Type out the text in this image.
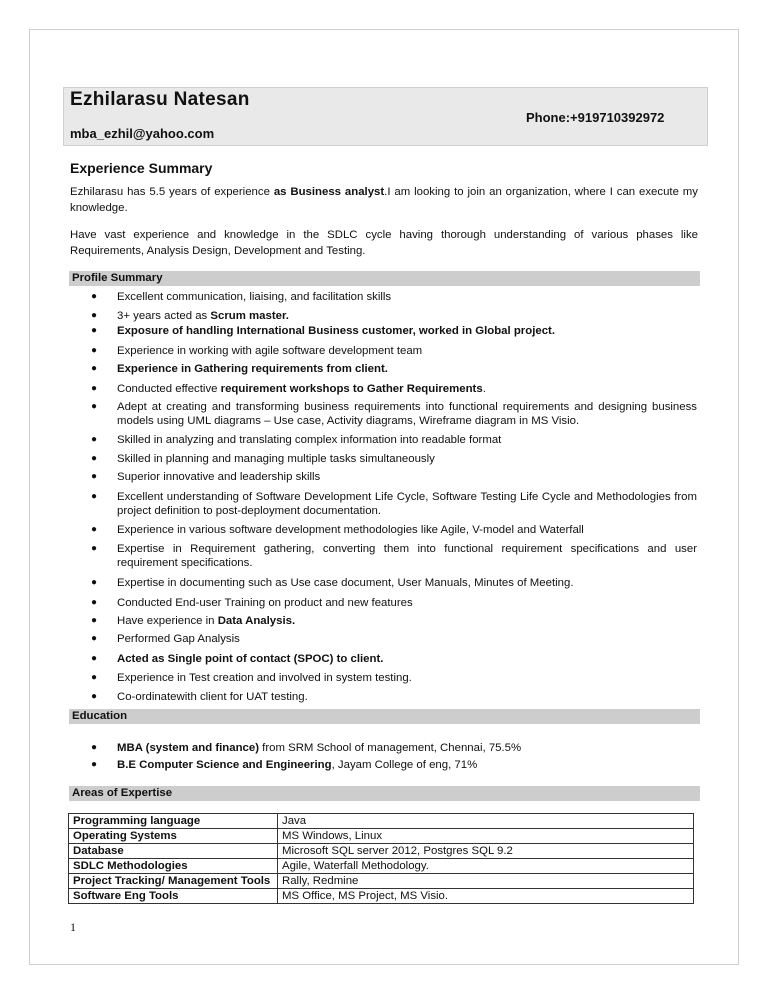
Ezhilarasu Natesan
Phone:+919710392972
mba_ezhil@yahoo.com
Experience Summary

Ezhilarasu has 5.5 years of experience as Business analyst.I am looking to join an organization, where I can execute my knowledge.

Have vast experience and knowledge in the SDLC cycle having thorough understanding of various phases like Requirements, Analysis Design, Development and Testing.

Profile Summary
● Excellent communication, liaising, and facilitation skills
● 3+ years acted as Scrum master.
● Exposure of handling International Business customer, worked in Global project.
● Experience in working with agile software development team
● Experience in Gathering requirements from client.
● Conducted effective requirement workshops to Gather Requirements.
● Adept at creating and transforming business requirements into functional requirements and designing business models using UML diagrams – Use case, Activity diagrams, Wireframe diagram in MS Visio.
● Skilled in analyzing and translating complex information into readable format
● Skilled in planning and managing multiple tasks simultaneously
● Superior innovative and leadership skills
● Excellent understanding of Software Development Life Cycle, Software Testing Life Cycle and Methodologies from project definition to post-deployment documentation.
● Experience in various software development methodologies like Agile, V-model and Waterfall
● Expertise in Requirement gathering, converting them into functional requirement specifications and user requirement specifications.
● Expertise in documenting such as Use case document, User Manuals, Minutes of Meeting.
● Conducted End-user Training on product and new features
● Have experience in Data Analysis.
● Performed Gap Analysis
● Acted as Single point of contact (SPOC) to client.
● Experience in Test creation and involved in system testing.
● Co-ordinatewith client for UAT testing.
Education
● MBA (system and finance) from SRM School of management, Chennai, 75.5%
● B.E Computer Science and Engineering, Jayam College of eng, 71%
Areas of Expertise
Programming language	Java
Operating Systems	MS Windows, Linux
Database	Microsoft SQL server 2012, Postgres SQL 9.2
SDLC Methodologies	Agile, Waterfall Methodology.
Project Tracking/ Management Tools	Rally, Redmine
Software Eng Tools	MS Office, MS Project, MS Visio.
1
